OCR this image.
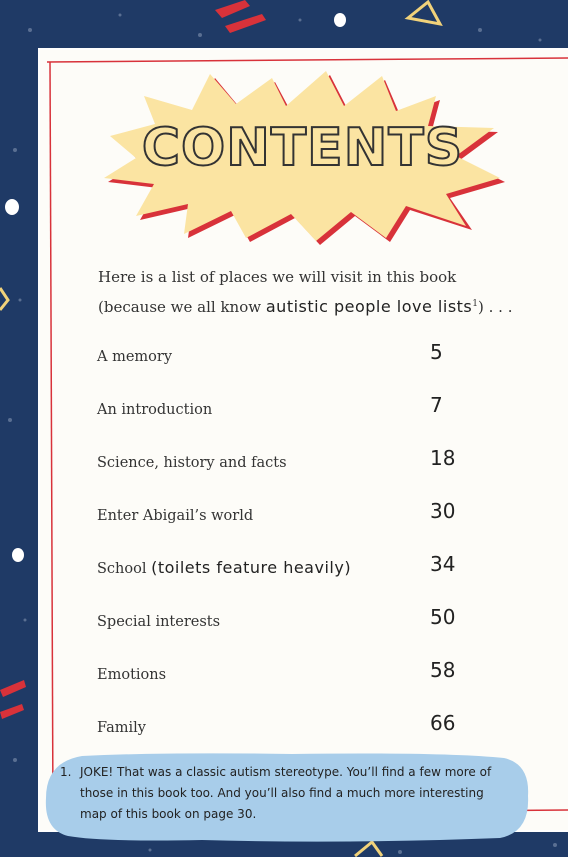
CONTENTS
Here is a list of places we will visit in this book (because we all know autistic people love lists$^1$) . . .
A memory	5
An introduction	7
Science, history and facts	18
Enter Abigail’s world	30
School (toilets feature heavily)	34
Special interests	50
Emotions	58
Family	66
1. JOKE! That was a classic autism stereotype. You’ll find a few more of those in this book too. And you’ll also find a much more interesting map of this book on page 30.
